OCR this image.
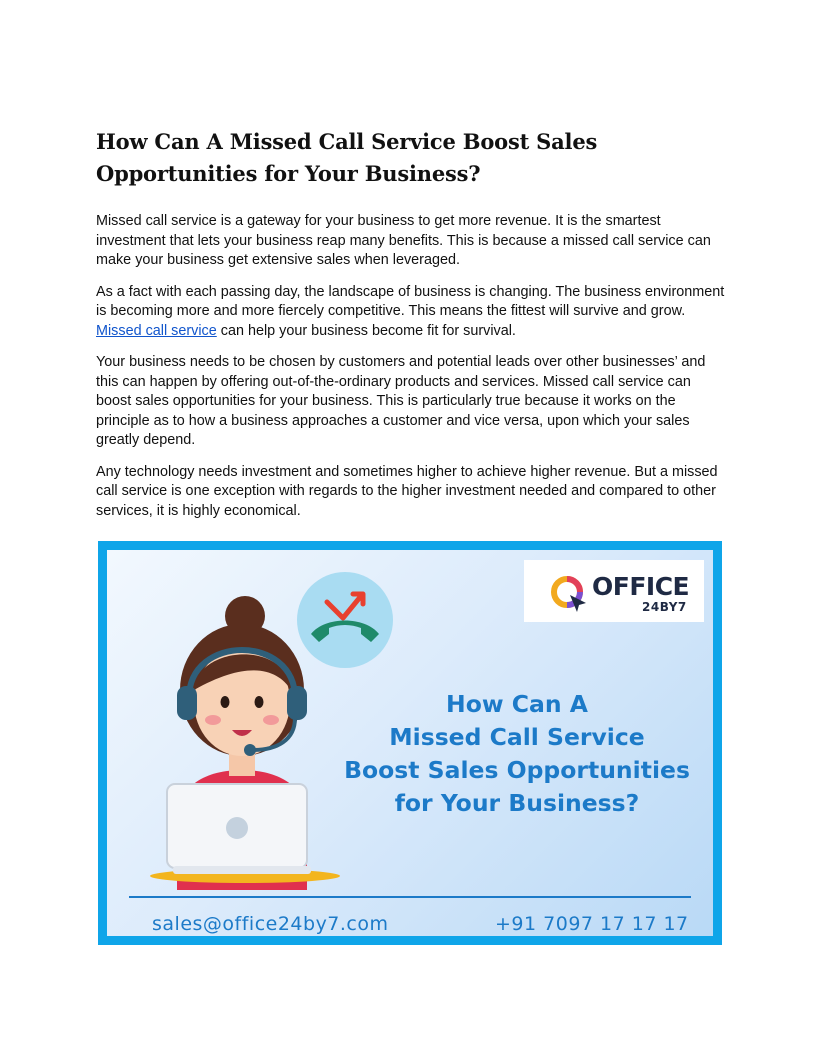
How Can A Missed Call Service Boost Sales Opportunities for Your Business?

Missed call service is a gateway for your business to get more revenue. It is the smartest investment that lets your business reap many benefits. This is because a missed call service can make your business get extensive sales when leveraged.

As a fact with each passing day, the landscape of business is changing. The business environment is becoming more and more fiercely competitive. This means the fittest will survive and grow. Missed call service can help your business become fit for survival.

Your business needs to be chosen by customers and potential leads over other businesses’ and this can happen by offering out-of-the-ordinary products and services. Missed call service can boost sales opportunities for your business. This is particularly true because it works on the principle as to how a business approaches a customer and vice versa, upon which your sales greatly depend.

Any technology needs investment and sometimes higher to achieve higher revenue. But a missed call service is one exception with regards to the higher investment needed and compared to other services, it is highly economical.

OFFICE
24BY7
How Can A
Missed Call Service
Boost Sales Opportunities
for Your Business?
sales@office24by7.com	+91 7097 17 17 17
